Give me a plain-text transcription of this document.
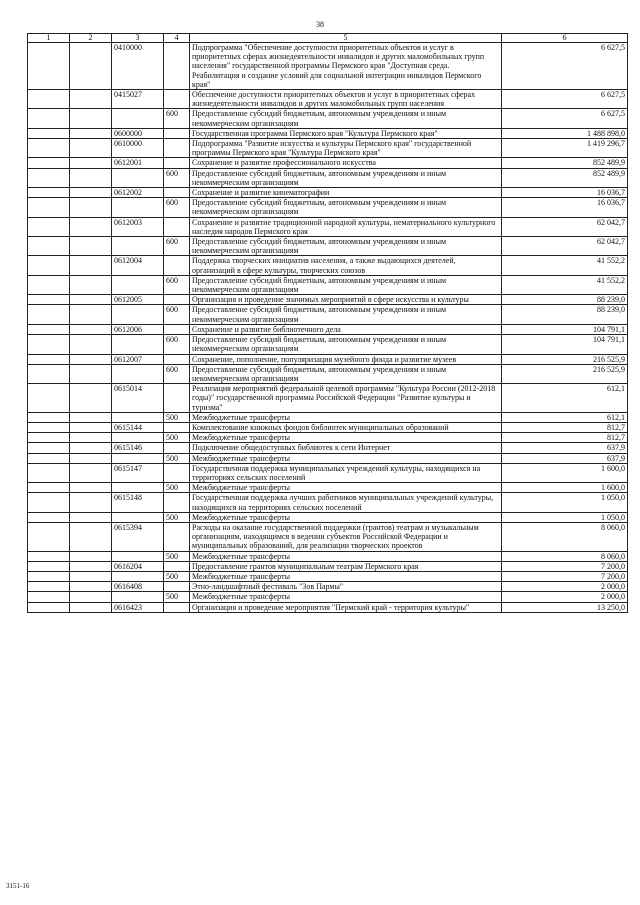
38
1	2	3	4	5	6
		0410000		Подпрограмма "Обеспечение доступности приоритетных объектов и услуг в приоритетных сферах жизнедеятельности инвалидов и других маломобильных групп населения" государственной программы Пермского края "Доступная среда. Реабилитация и создание условий для социальной интеграции инвалидов Пермского края"	6 627,5
		0415027		Обеспечение доступности приоритетных объектов и услуг в приоритетных сферах жизнедеятельности инвалидов и других маломобильных групп населения	6 627,5
			600	Предоставление субсидий бюджетным, автономным учреждениям и иным некоммерческим организациям	6 627,5
		0600000		Государственная программа Пермского края "Культура Пермского края"	1 488 898,0
		0610000		Подпрограмма "Развитие искусства и культуры Пермского края" государственной программы Пермского края "Культура Пермского края"	1 419 296,7
		0612001		Сохранение и развитие профессионального искусства	852 489,9
			600	Предоставление субсидий бюджетным, автономным учреждениям и иным некоммерческим организациям	852 489,9
		0612002		Сохранение и развитие кинематографии	16 036,7
			600	Предоставление субсидий бюджетным, автономным учреждениям и иным некоммерческим организациям	16 036,7
		0612003		Сохранение и развитие традиционной народной культуры, нематериального культурного наследия народов Пермского края	62 042,7
			600	Предоставление субсидий бюджетным, автономным учреждениям и иным некоммерческим организациям	62 042,7
		0612004		Поддержка творческих инициатив населения, а также выдающихся деятелей, организаций в сфере культуры, творческих союзов	41 552,2
			600	Предоставление субсидий бюджетным, автономным учреждениям и иным некоммерческим организациям	41 552,2
		0612005		Организация и проведение значимых мероприятий в сфере искусства и культуры	88 239,0
			600	Предоставление субсидий бюджетным, автономным учреждениям и иным некоммерческим организациям	88 239,0
		0612006		Сохранение и развитие библиотечного дела	104 791,1
			600	Предоставление субсидий бюджетным, автономным учреждениям и иным некоммерческим организациям	104 791,1
		0612007		Сохранение, пополнение, популяризация музейного фонда и развитие музеев	216 525,9
			600	Предоставление субсидий бюджетным, автономным учреждениям и иным некоммерческим организациям	216 525,9
		0615014		Реализация мероприятий федеральной целевой программы "Культура России (2012-2018 годы)" государственной программы Российской Федерации "Развитие культуры и туризма"	612,1
			500	Межбюджетные трансферты	612,1
		0615144		Комплектование книжных фондов библиотек муниципальных образований	812,7
			500	Межбюджетные трансферты	812,7
		0615146		Подключение общедоступных библиотек к сети Интернет	637,9
			500	Межбюджетные трансферты	637,9
		0615147		Государственная поддержка муниципальных учреждений культуры, находящихся на территориях сельских поселений	1 600,0
			500	Межбюджетные трансферты	1 600,0
		0615148		Государственная поддержка лучших работников муниципальных учреждений культуры, находящихся на территориях сельских поселений	1 050,0
			500	Межбюджетные трансферты	1 050,0
		0615394		Расходы на оказание государственной поддержки (грантов) театрам и музыкальным организациям, находящимся в ведении субъектов Российской Федерации и муниципальных образований, для реализации творческих проектов	8 060,0
			500	Межбюджетные трансферты	8 060,0
		0616204		Предоставление грантов муниципальным театрам Пермского края	7 200,0
			500	Межбюджетные трансферты	7 200,0
		0616408		Этно-ландшафтный фестиваль "Зов Пармы"	2 000,0
			500	Межбюджетные трансферты	2 000,0
		0616423		Организация и проведение мероприятия "Пермский край - территория культуры"	13 250,0
3151-16
